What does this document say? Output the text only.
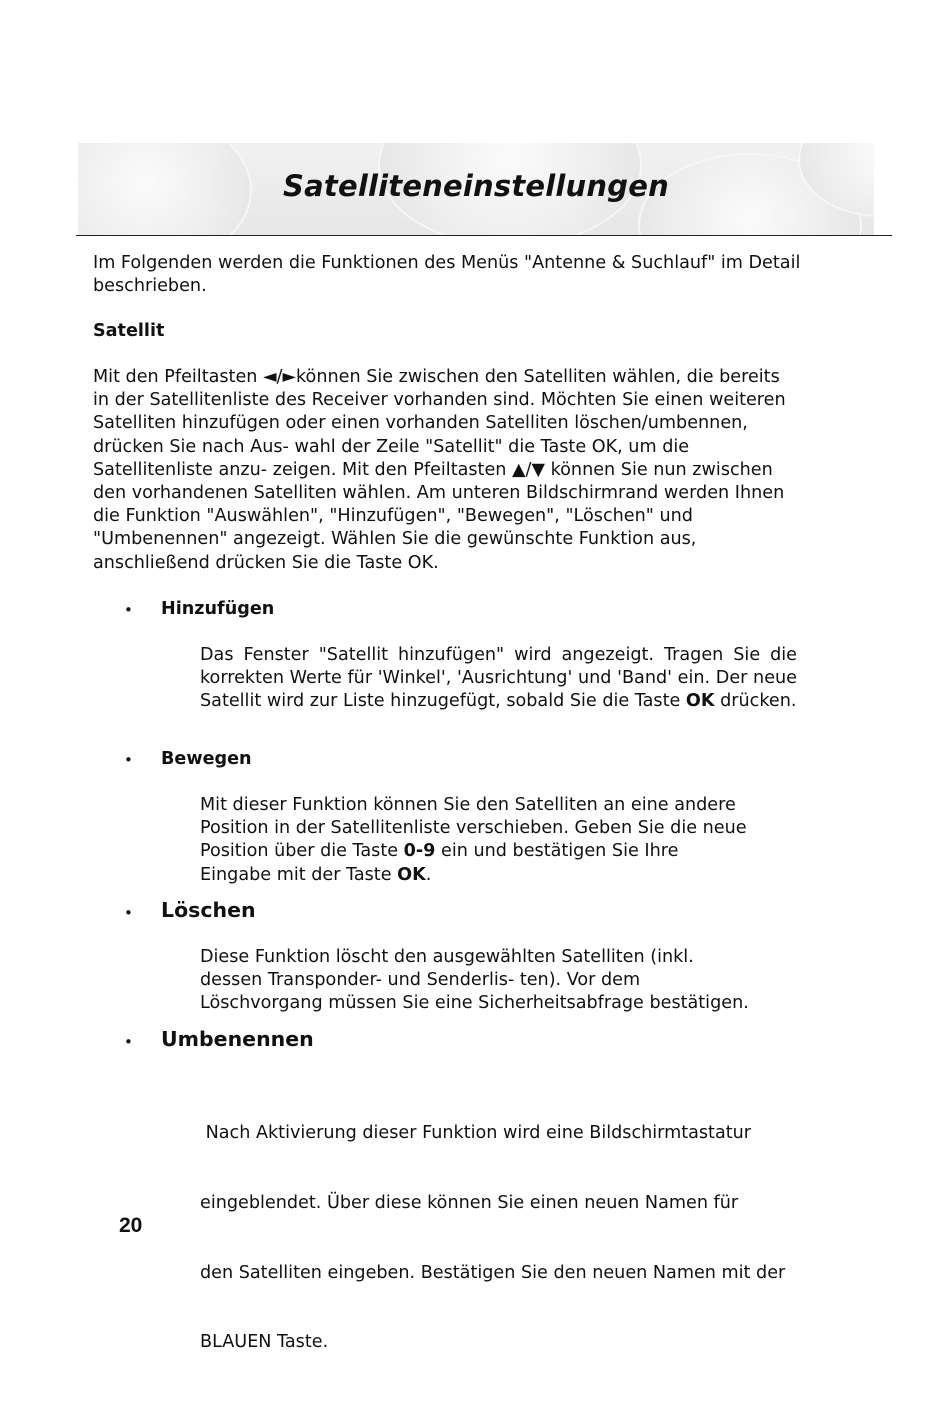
Satelliteneinstellungen

Im Folgenden werden die Funktionen des Menüs "Antenne & Suchlauf" im Detail beschrieben.

Satellit
Mit den Pfeiltasten ◄/►können Sie zwischen den Satelliten wählen, die bereits
in der Satellitenliste des Receiver vorhanden sind. Möchten Sie einen weiteren
Satelliten hinzufügen oder einen vorhanden Satelliten löschen/umbennen,
drücken Sie nach Aus- wahl der Zeile "Satellit" die Taste OK, um die
Satellitenliste anzu- zeigen. Mit den Pfeiltasten ▲/▼ können Sie nun zwischen
den vorhandenen Satelliten wählen. Am unteren Bildschirmrand werden Ihnen
die Funktion "Auswählen", "Hinzufügen", "Bewegen", "Löschen" und
"Umbenennen" angezeigt. Wählen Sie die gewünschte Funktion aus,
anschließend drücken Sie die Taste OK.
• Hinzufügen
Das Fenster "Satellit hinzufügen" wird angezeigt. Tragen Sie die korrekten Werte für 'Winkel', 'Ausrichtung' und 'Band' ein. Der neue Satellit wird zur Liste hinzugefügt, sobald Sie die Taste OK drücken.
• Bewegen
Mit dieser Funktion können Sie den Satelliten an eine andere
Position in der Satellitenliste verschieben. Geben Sie die neue
Position über die Taste 0-9 ein und bestätigen Sie Ihre
Eingabe mit der Taste OK.
• Löschen
Diese Funktion löscht den ausgewählten Satelliten (inkl.
dessen Transponder- und Senderlis- ten). Vor dem
Löschvorgang müssen Sie eine Sicherheitsabfrage bestätigen.
• Umbenennen

Nach Aktivierung dieser Funktion wird eine Bildschirmtastatur

eingeblendet. Über diese können Sie einen neuen Namen für

den Satelliten eingeben. Bestätigen Sie den neuen Namen mit der

BLAUEN Taste.

20
